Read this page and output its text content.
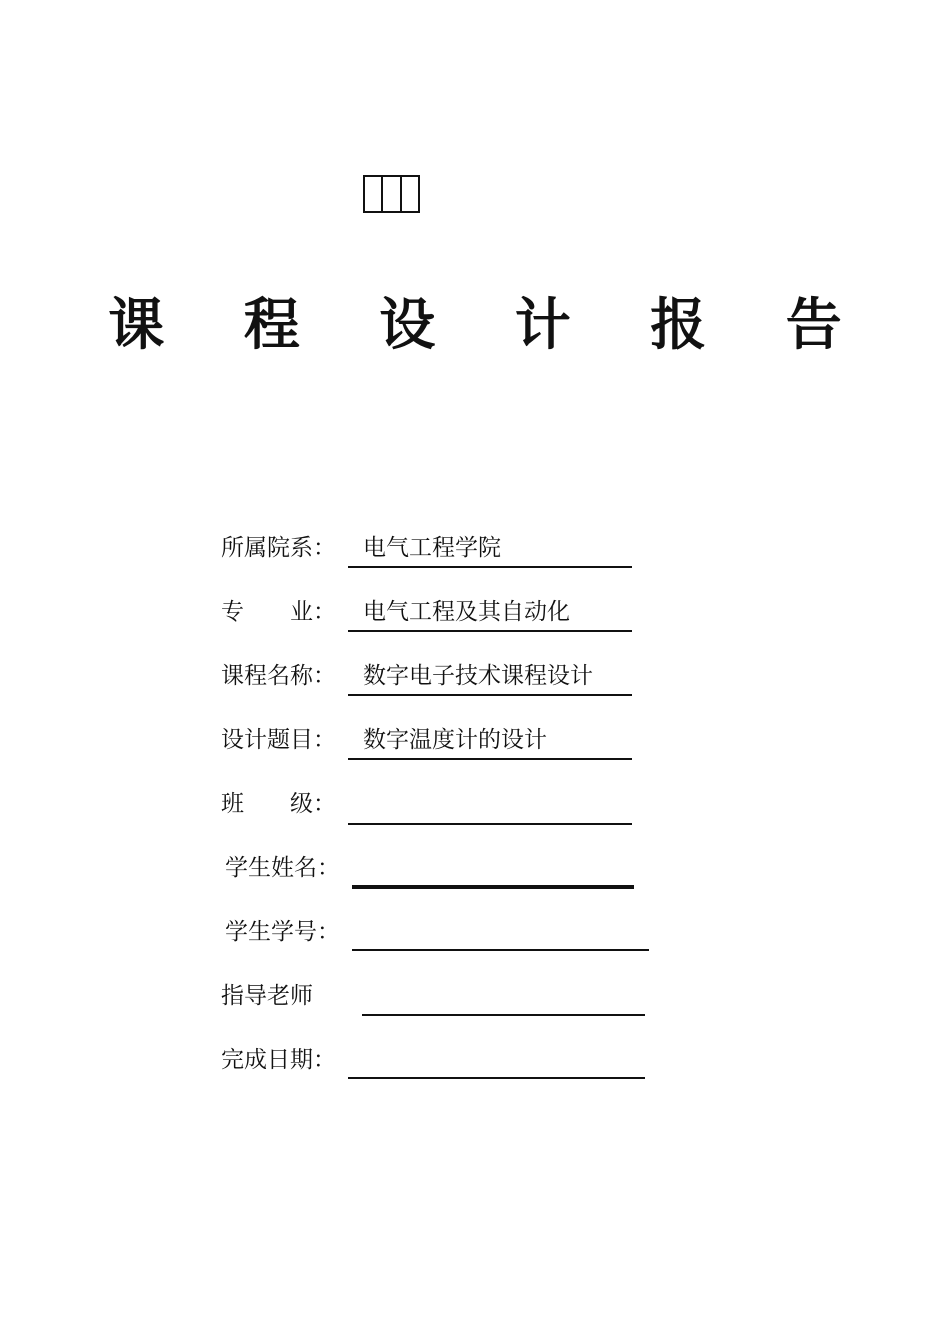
课 程 设 计 报 告
所属院系： 电气工程学院
专　　业： 电气工程及其自动化
课程名称： 数字电子技术课程设计
设计题目： 数字温度计的设计
班　　级：
学生姓名：
学生学号：
指导老师
完成日期：
